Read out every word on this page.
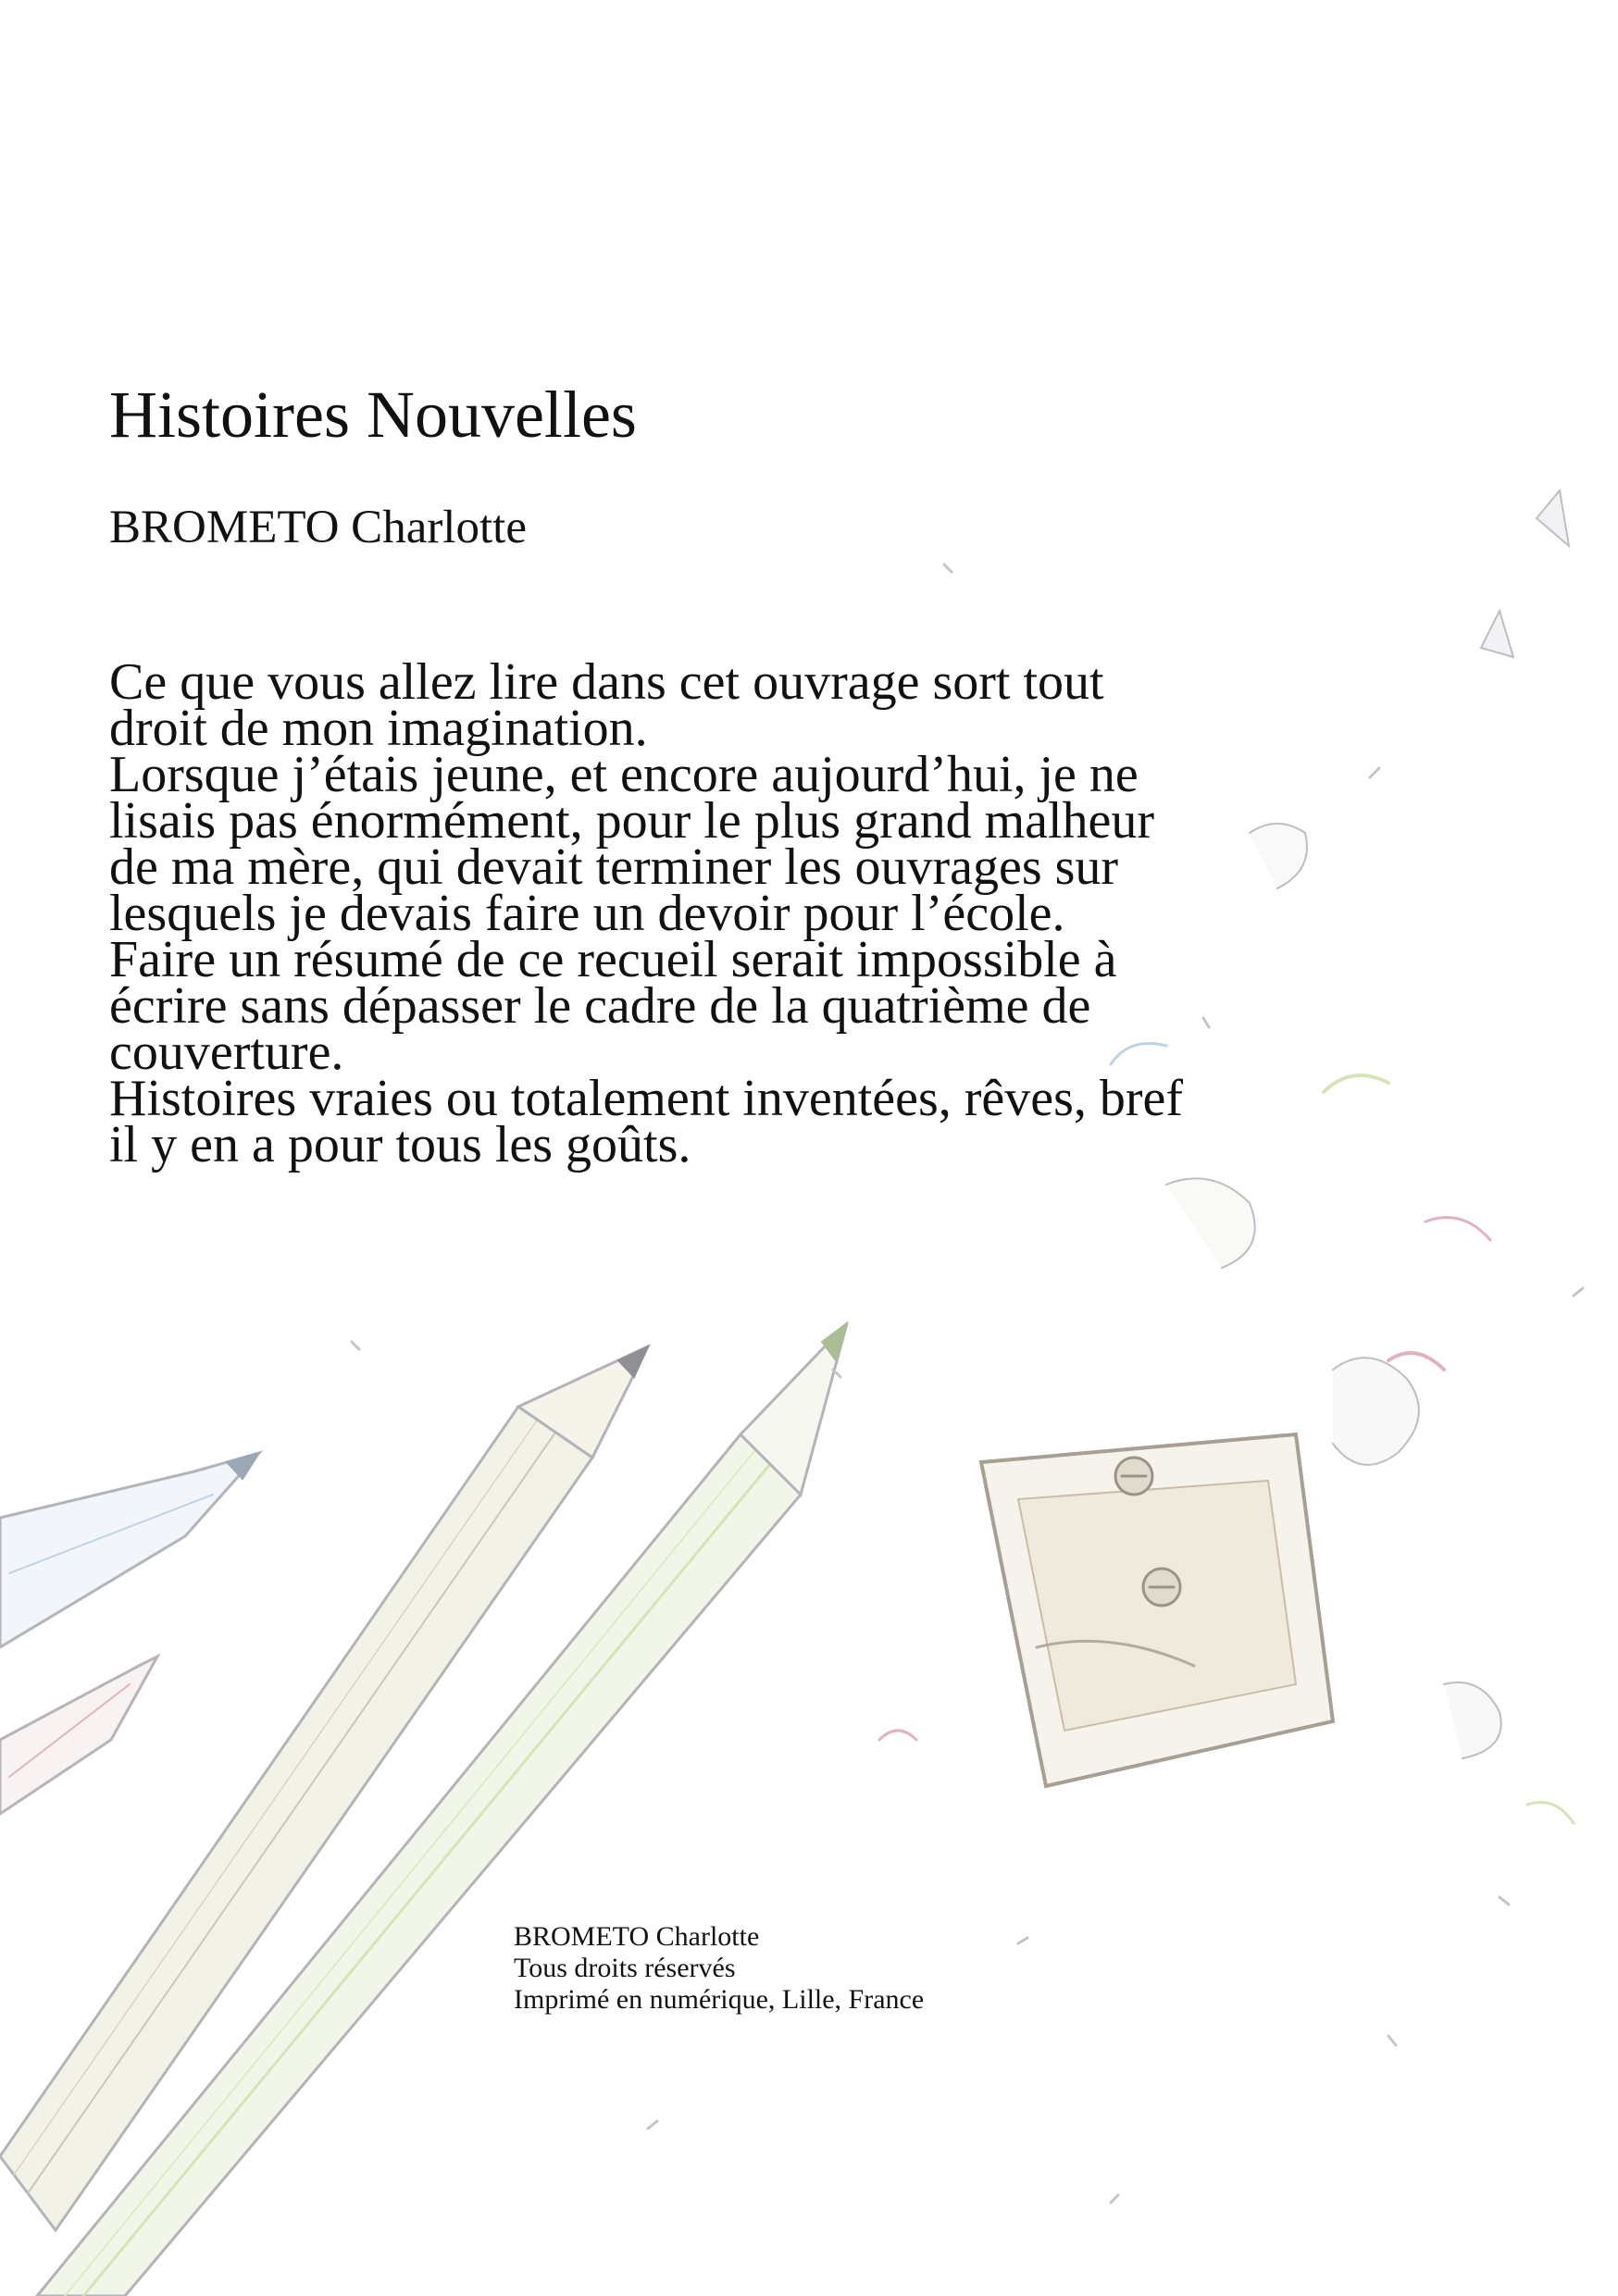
Histoires Nouvelles
BROMETO Charlotte

Ce que vous allez lire dans cet ouvrage sort tout droit de mon imagination.

Lorsque j’étais jeune, et encore aujourd’hui, je ne lisais pas énormément, pour le plus grand malheur de ma mère, qui devait terminer les ouvrages sur lesquels je devais faire un devoir pour l’école.

Faire un résumé de ce recueil serait impossible à écrire sans dépasser le cadre de la quatrième de couverture.

Histoires vraies ou totalement inventées, rêves, bref il y en a pour tous les goûts.

BROMETO Charlotte
Tous droits réservés
Imprimé en numérique, Lille, France
